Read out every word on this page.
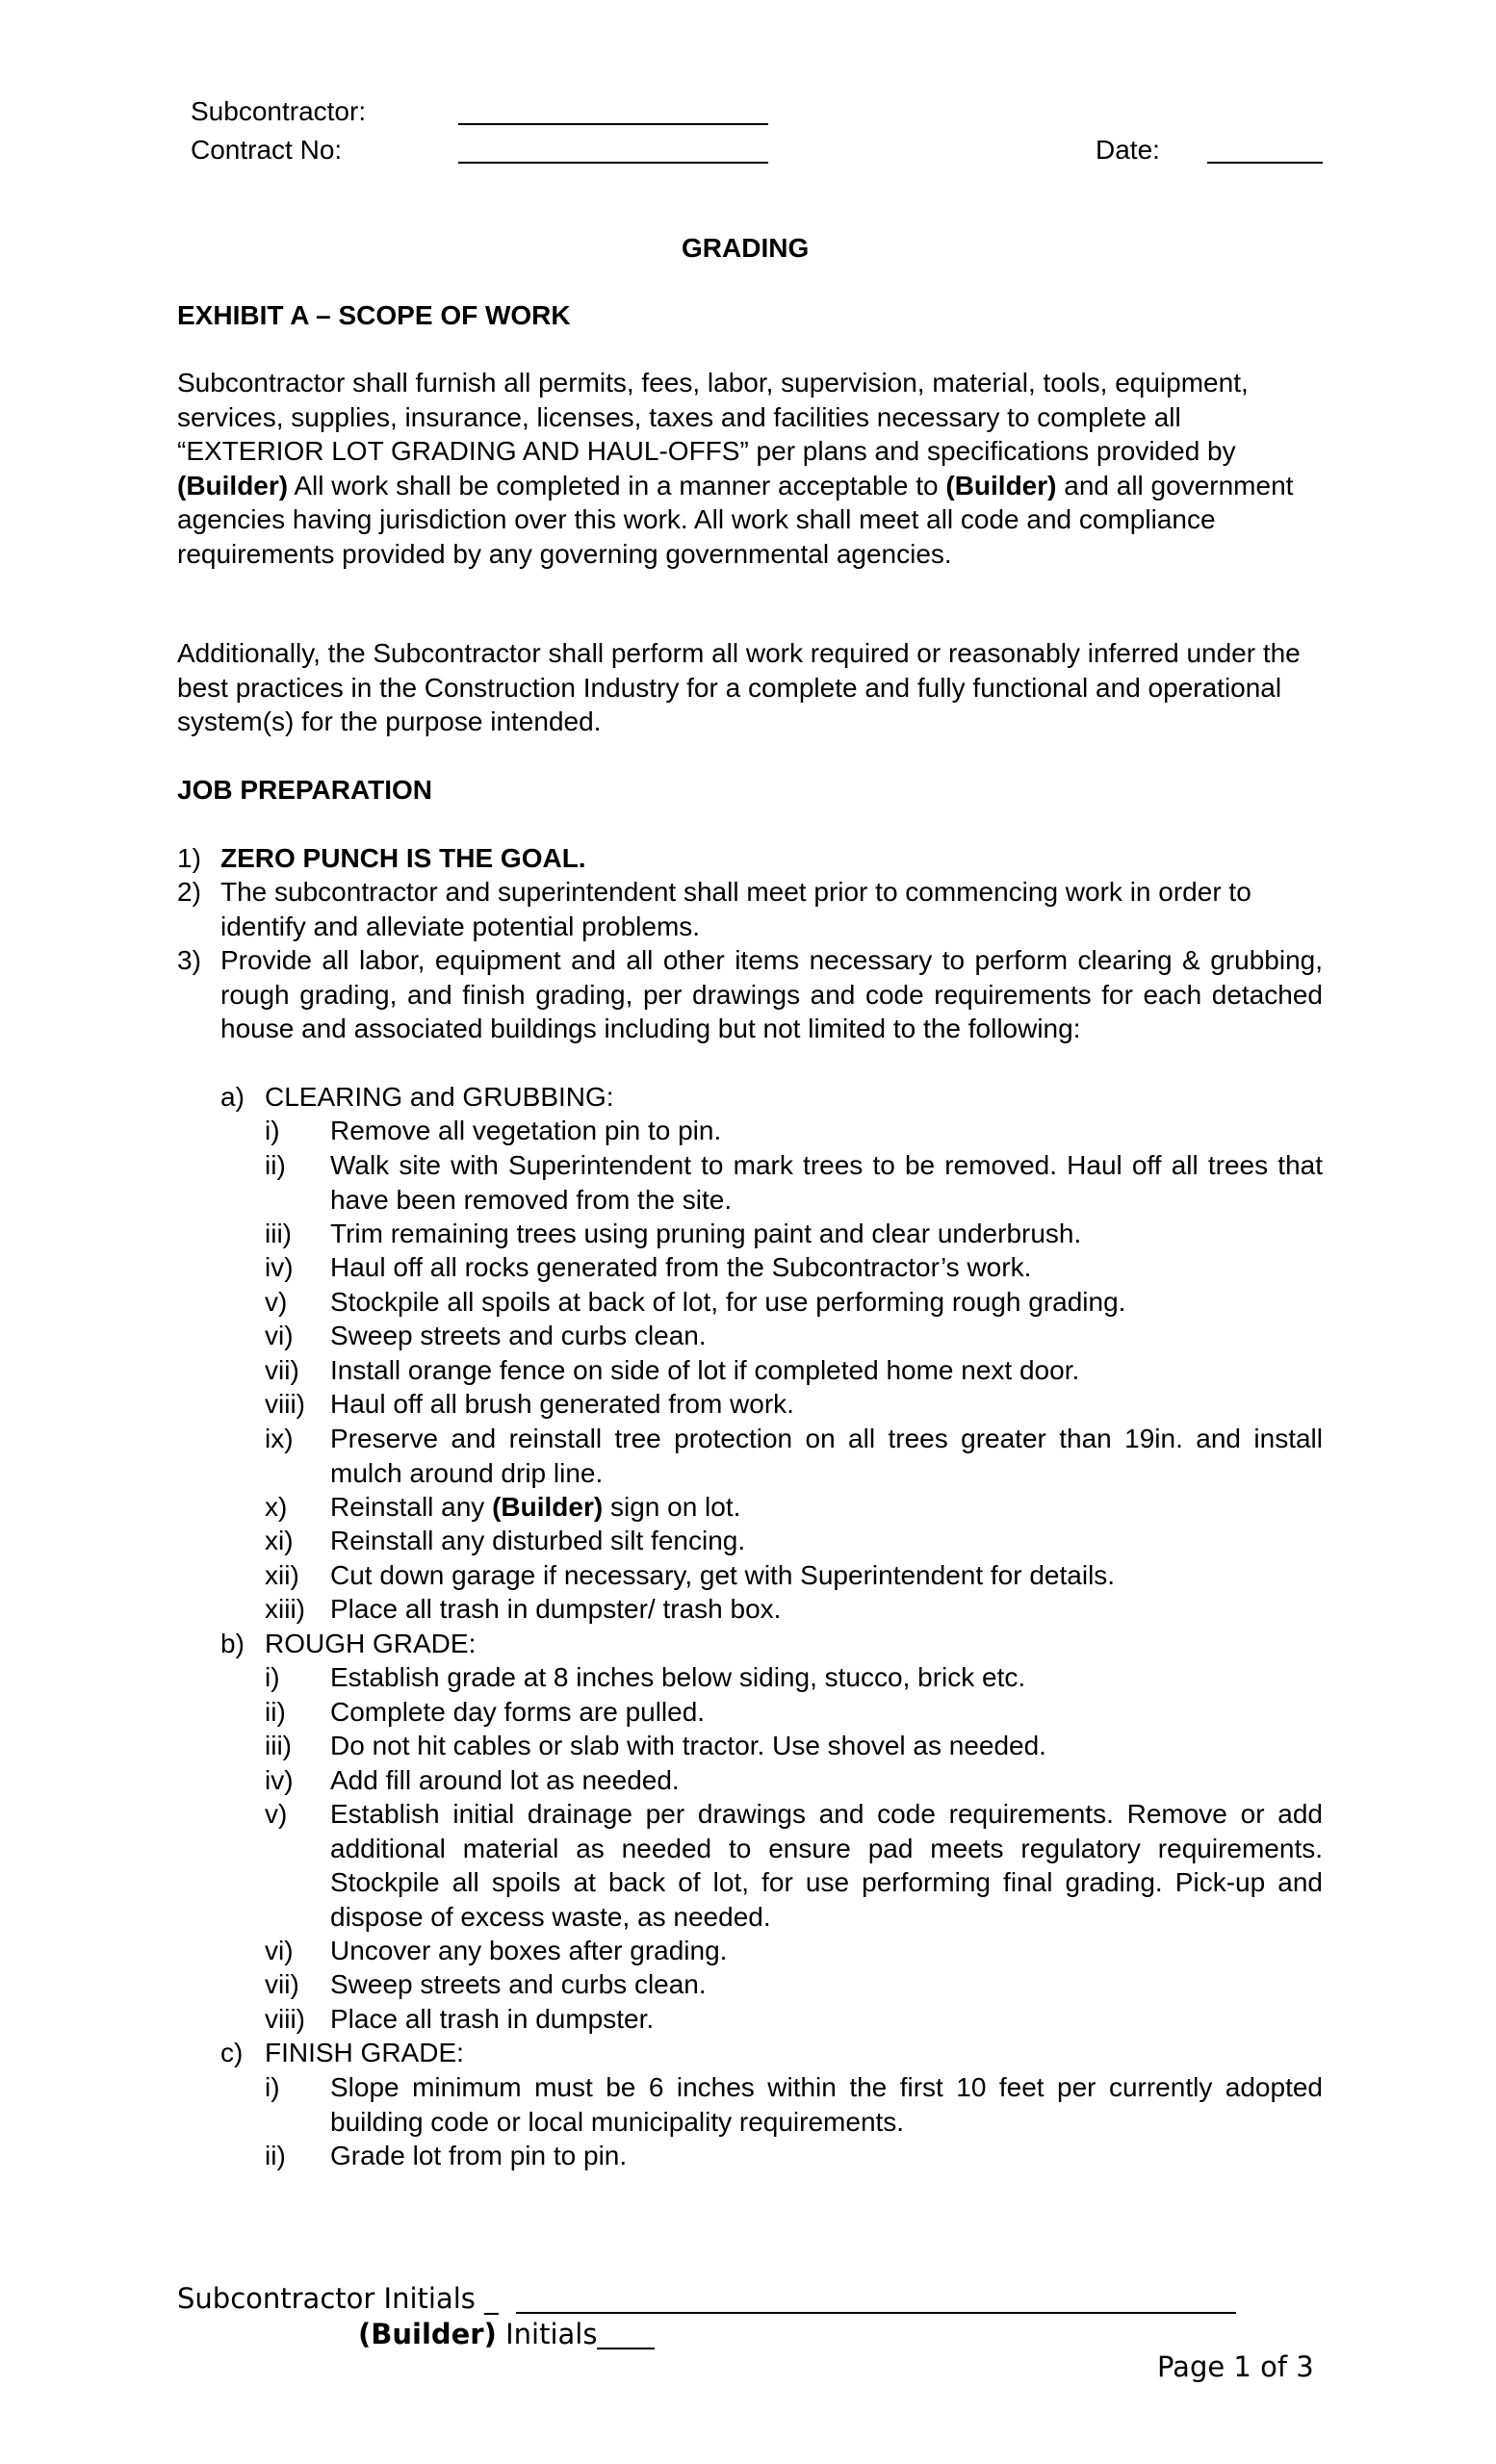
Subcontractor:
Contract No:	Date:
GRADING
EXHIBIT A – SCOPE OF WORK
Subcontractor shall furnish all permits, fees, labor, supervision, material, tools, equipment, services, supplies, insurance, licenses, taxes and facilities necessary to complete all “EXTERIOR LOT GRADING AND HAUL-OFFS” per plans and specifications provided by (Builder) All work shall be completed in a manner acceptable to (Builder) and all government agencies having jurisdiction over this work. All work shall meet all code and compliance requirements provided by any governing governmental agencies.
Additionally, the Subcontractor shall perform all work required or reasonably inferred under the best practices in the Construction Industry for a complete and fully functional and operational system(s) for the purpose intended.
JOB PREPARATION
1) ZERO PUNCH IS THE GOAL.
2) The subcontractor and superintendent shall meet prior to commencing work in order to identify and alleviate potential problems.
3) Provide all labor, equipment and all other items necessary to perform clearing & grubbing, rough grading, and finish grading, per drawings and code requirements for each detached house and associated buildings including but not limited to the following:
a) CLEARING and GRUBBING:
i) Remove all vegetation pin to pin.
ii) Walk site with Superintendent to mark trees to be removed. Haul off all trees that have been removed from the site.
iii) Trim remaining trees using pruning paint and clear underbrush.
iv) Haul off all rocks generated from the Subcontractor’s work.
v) Stockpile all spoils at back of lot, for use performing rough grading.
vi) Sweep streets and curbs clean.
vii) Install orange fence on side of lot if completed home next door.
viii) Haul off all brush generated from work.
ix) Preserve and reinstall tree protection on all trees greater than 19in. and install mulch around drip line.
x) Reinstall any (Builder) sign on lot.
xi) Reinstall any disturbed silt fencing.
xii) Cut down garage if necessary, get with Superintendent for details.
xiii) Place all trash in dumpster/ trash box.
b) ROUGH GRADE:
i) Establish grade at 8 inches below siding, stucco, brick etc.
ii) Complete day forms are pulled.
iii) Do not hit cables or slab with tractor. Use shovel as needed.
iv) Add fill around lot as needed.
v) Establish initial drainage per drawings and code requirements. Remove or add additional material as needed to ensure pad meets regulatory requirements. Stockpile all spoils at back of lot, for use performing final grading. Pick-up and dispose of excess waste, as needed.
vi) Uncover any boxes after grading.
vii) Sweep streets and curbs clean.
viii) Place all trash in dumpster.
c) FINISH GRADE:
i) Slope minimum must be 6 inches within the first 10 feet per currently adopted building code or local municipality requirements.
ii) Grade lot from pin to pin.
Subcontractor Initials _
(Builder) Initials
Page 1 of 3
